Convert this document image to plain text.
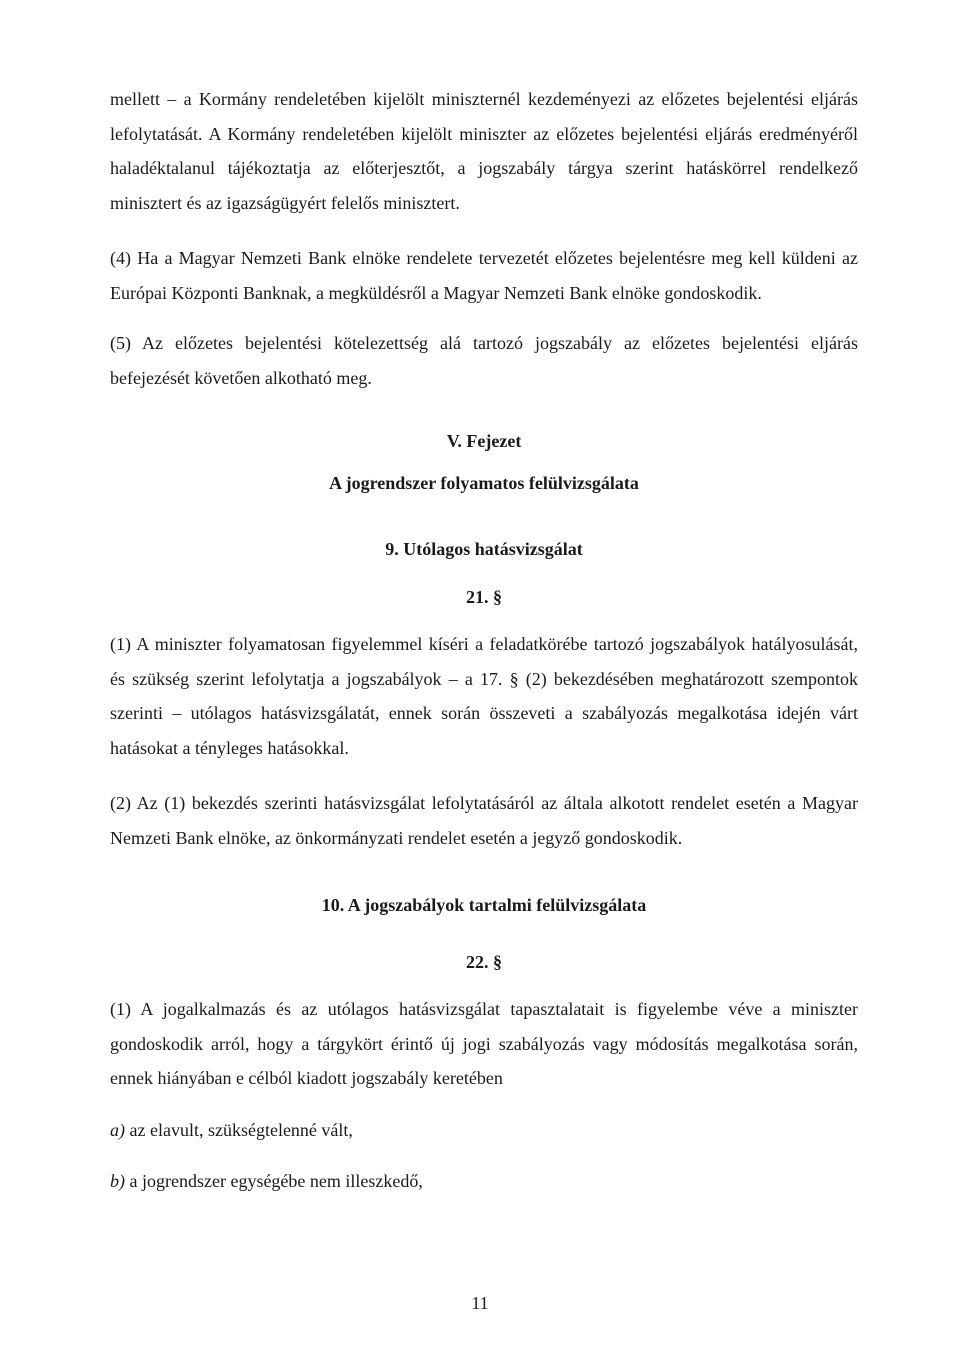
mellett – a Kormány rendeletében kijelölt miniszternél kezdeményezi az előzetes bejelentési eljárás lefolytatását. A Kormány rendeletében kijelölt miniszter az előzetes bejelentési eljárás eredményéről haladéktalanul tájékoztatja az előterjesztőt, a jogszabály tárgya szerint hatáskörrel rendelkező minisztert és az igazságügyért felelős minisztert.

(4) Ha a Magyar Nemzeti Bank elnöke rendelete tervezetét előzetes bejelentésre meg kell küldeni az Európai Központi Banknak, a megküldésről a Magyar Nemzeti Bank elnöke gondoskodik.

(5) Az előzetes bejelentési kötelezettség alá tartozó jogszabály az előzetes bejelentési eljárás befejezését követően alkotható meg.

V. Fejezet

A jogrendszer folyamatos felülvizsgálata

9. Utólagos hatásvizsgálat

21. §

(1) A miniszter folyamatosan figyelemmel kíséri a feladatkörébe tartozó jogszabályok hatályosulását, és szükség szerint lefolytatja a jogszabályok – a 17. § (2) bekezdésében meghatározott szempontok szerinti – utólagos hatásvizsgálatát, ennek során összeveti a szabályozás megalkotása idején várt hatásokat a tényleges hatásokkal.

(2) Az (1) bekezdés szerinti hatásvizsgálat lefolytatásáról az általa alkotott rendelet esetén a Magyar Nemzeti Bank elnöke, az önkormányzati rendelet esetén a jegyző gondoskodik.

10. A jogszabályok tartalmi felülvizsgálata

22. §

(1) A jogalkalmazás és az utólagos hatásvizsgálat tapasztalatait is figyelembe véve a miniszter gondoskodik arról, hogy a tárgykört érintő új jogi szabályozás vagy módosítás megalkotása során, ennek hiányában e célból kiadott jogszabály keretében

a) az elavult, szükségtelenné vált,

b) a jogrendszer egységébe nem illeszkedő,

11
